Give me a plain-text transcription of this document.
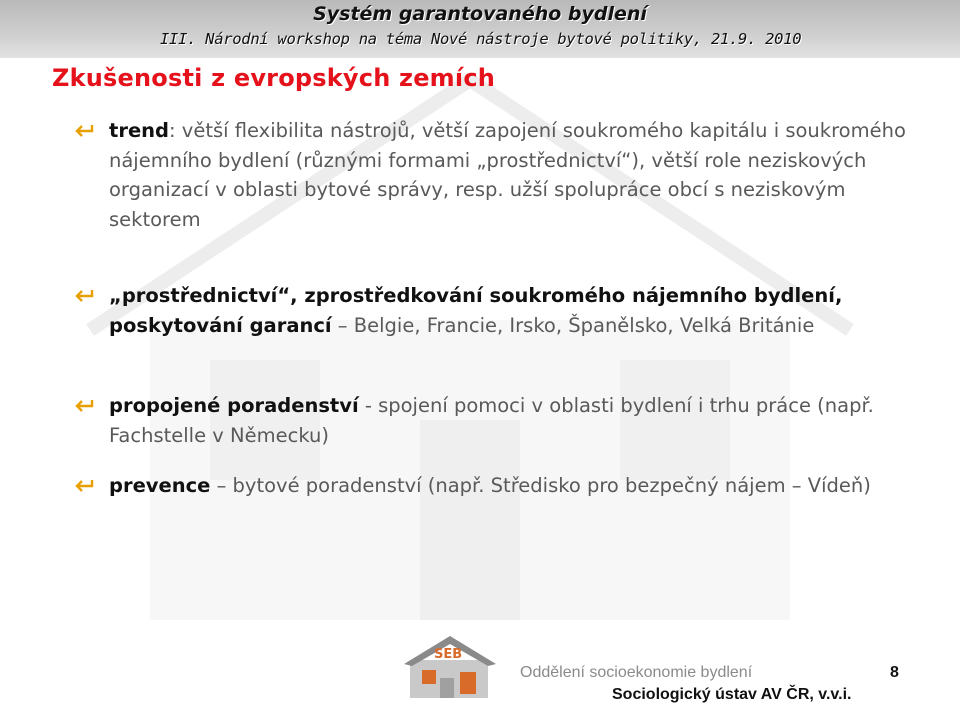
Systém garantovaného bydlení
III. Národní workshop na téma Nové nástroje bytové politiky, 21.9. 2010
Zkušenosti z evropských zemích
trend: větší flexibilita nástrojů, větší zapojení soukromého kapitálu i soukromého nájemního bydlení (různými formami „prostřednictví“), větší role neziskových organizací v oblasti bytové správy, resp. užší spolupráce obcí s neziskovým sektorem
„prostřednictví“, zprostředkování soukromého nájemního bydlení, poskytování garancí – Belgie, Francie, Irsko, Španělsko, Velká Británie
propojené poradenství - spojení pomoci v oblasti bydlení i trhu práce (např. Fachstelle v Německu)
prevence – bytové poradenství (např. Středisko pro bezpečný nájem – Vídeň)
SEB
Oddělení socioekonomie bydlení	8
Sociologický ústav AV ČR, v.v.i.
